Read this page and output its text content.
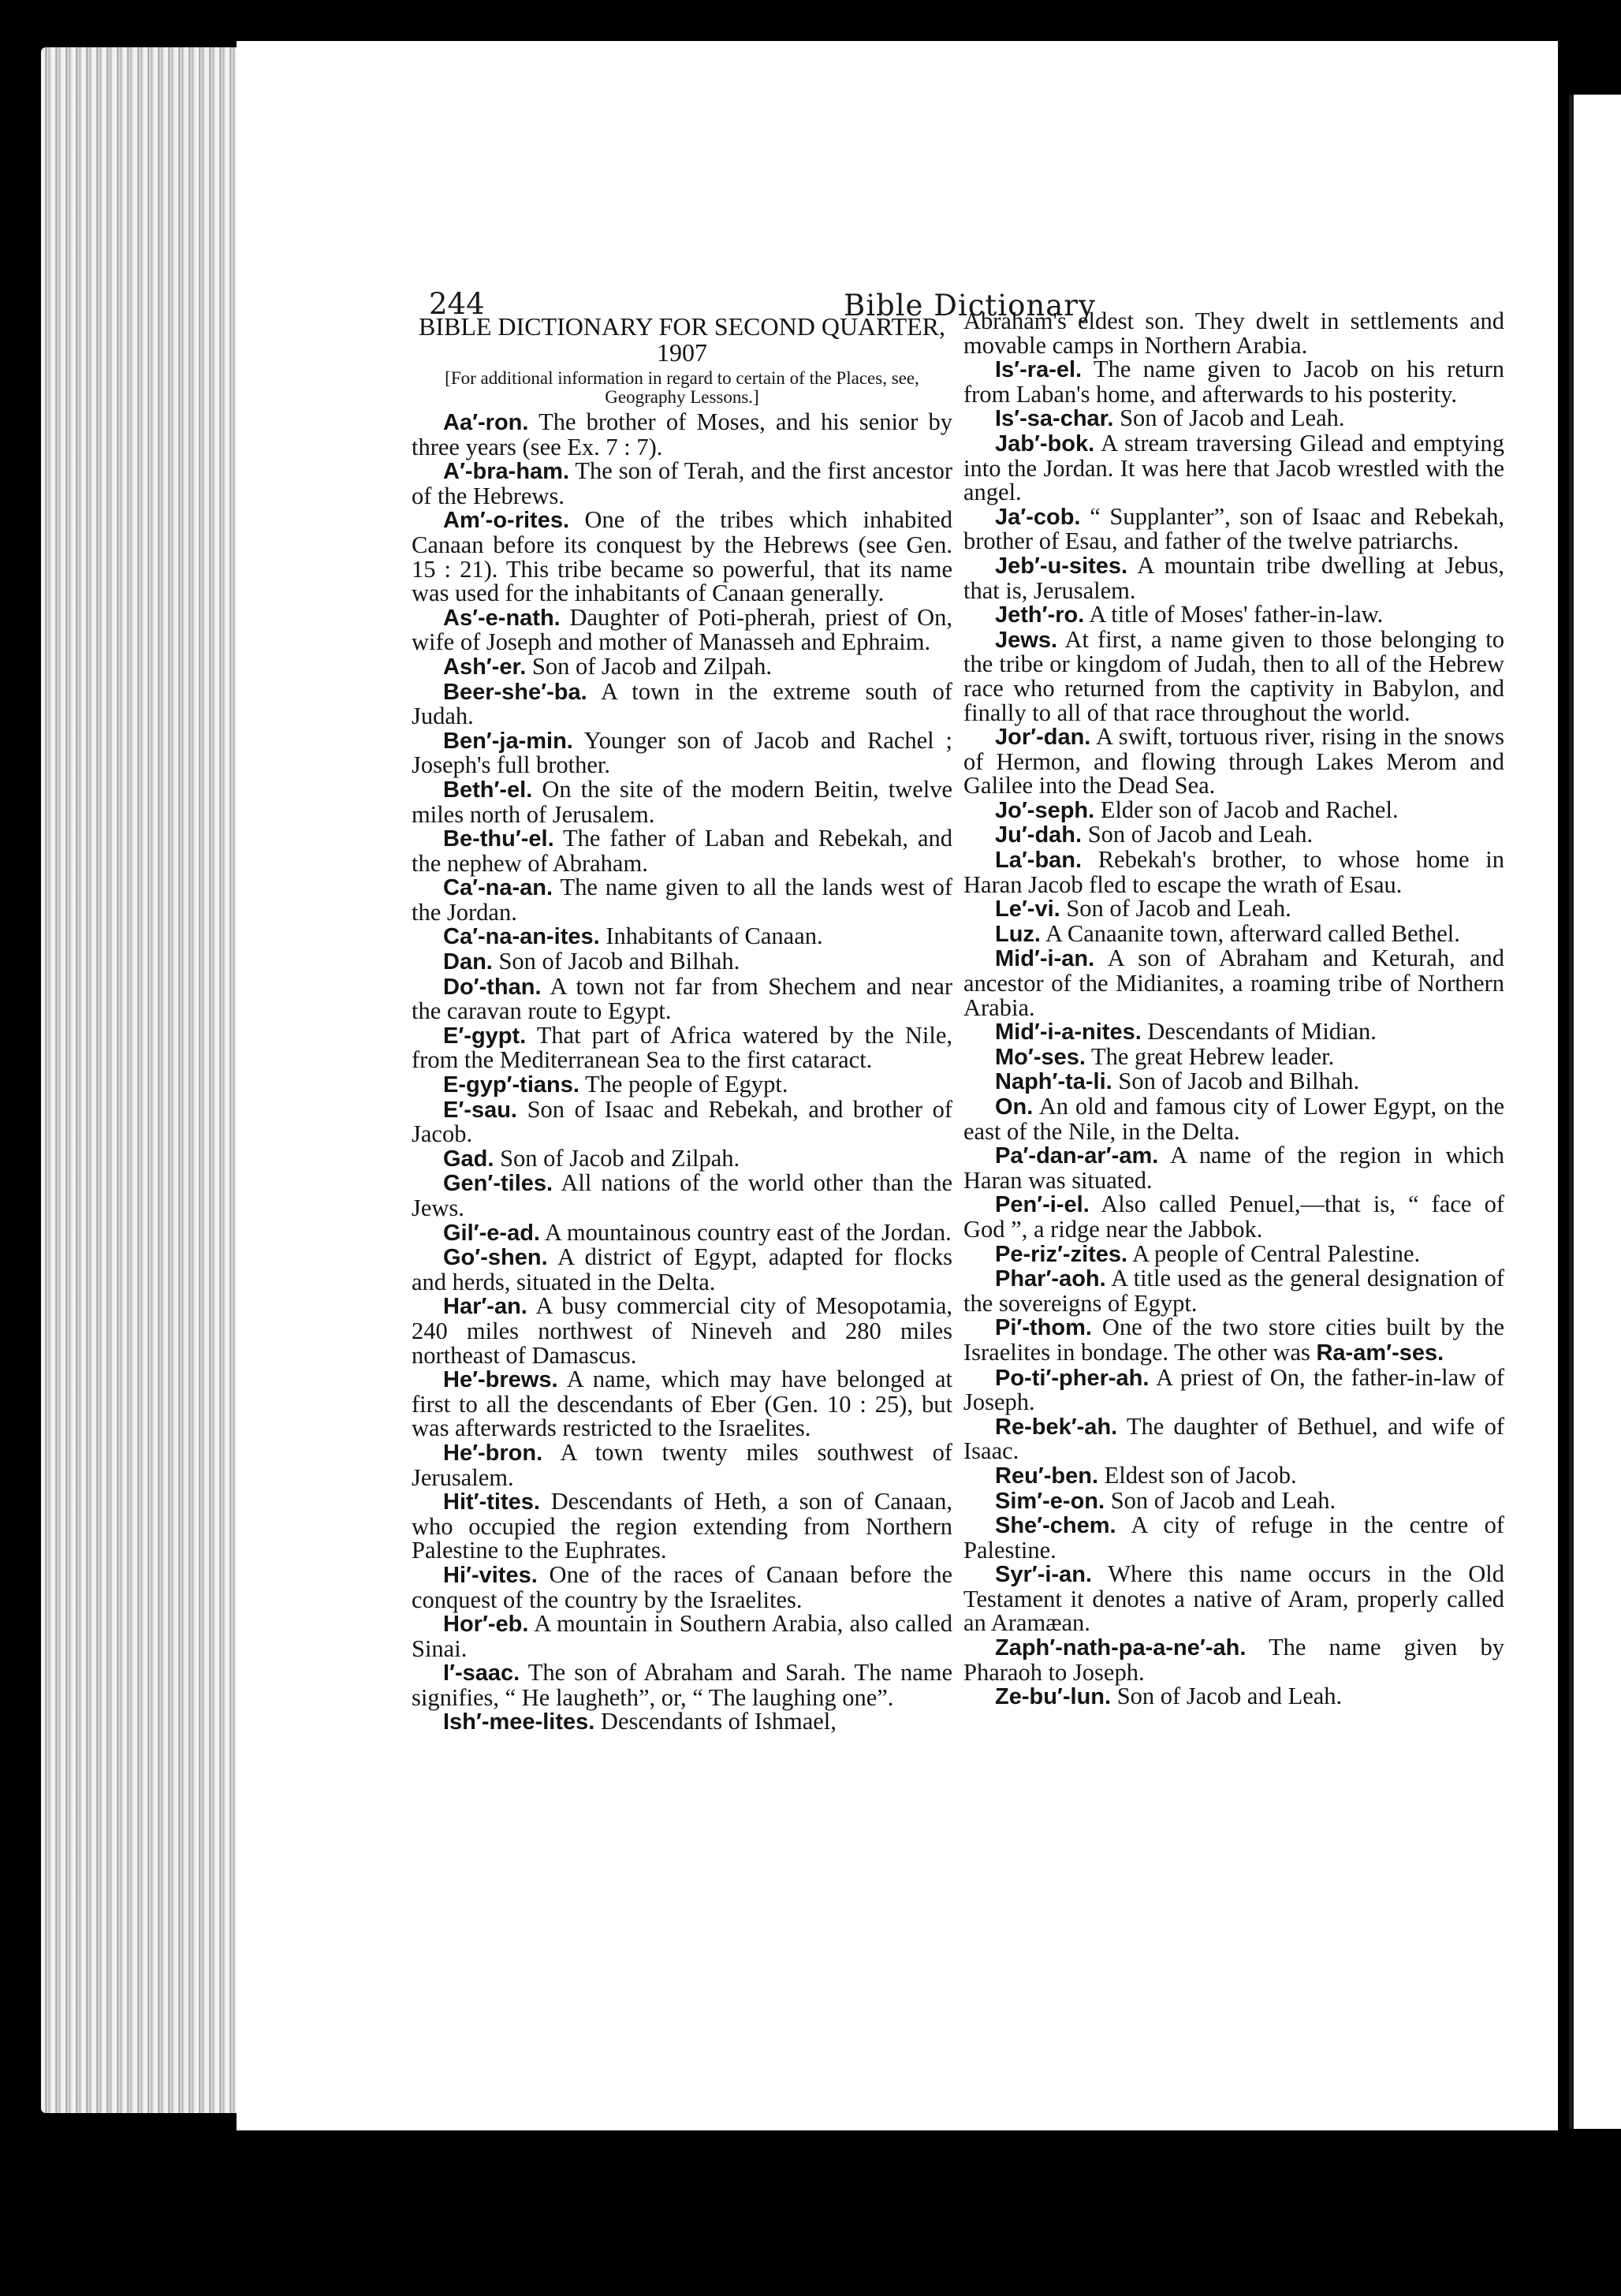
244	Bible Dictionary
BIBLE DICTIONARY FOR SECOND QUARTER, 1907
[For additional information in regard to certain of the Places, see, Geography Lessons.]

Aa′-ron. The brother of Moses, and his senior by three years (see Ex. 7 : 7).

A′-bra-ham. The son of Terah, and the first ancestor of the Hebrews.

Am′-o-rites. One of the tribes which inhabited Canaan before its conquest by the Hebrews (see Gen. 15 : 21). This tribe became so powerful, that its name was used for the inhabitants of Canaan generally.

As′-e-nath. Daughter of Poti-pherah, priest of On, wife of Joseph and mother of Manasseh and Ephraim.

Ash′-er. Son of Jacob and Zilpah.

Beer-she′-ba. A town in the extreme south of Judah.

Ben′-ja-min. Younger son of Jacob and Rachel ; Joseph's full brother.

Beth′-el. On the site of the modern Beitin, twelve miles north of Jerusalem.

Be-thu′-el. The father of Laban and Rebekah, and the nephew of Abraham.

Ca′-na-an. The name given to all the lands west of the Jordan.

Ca′-na-an-ites. Inhabitants of Canaan.

Dan. Son of Jacob and Bilhah.

Do′-than. A town not far from Shechem and near the caravan route to Egypt.

E′-gypt. That part of Africa watered by the Nile, from the Mediterranean Sea to the first cataract.

E-gyp′-tians. The people of Egypt.

E′-sau. Son of Isaac and Rebekah, and brother of Jacob.

Gad. Son of Jacob and Zilpah.

Gen′-tiles. All nations of the world other than the Jews.

Gil′-e-ad. A mountainous country east of the Jordan.

Go′-shen. A district of Egypt, adapted for flocks and herds, situated in the Delta.

Har′-an. A busy commercial city of Mesopotamia, 240 miles northwest of Nineveh and 280 miles northeast of Damascus.

He′-brews. A name, which may have belonged at first to all the descendants of Eber (Gen. 10 : 25), but was afterwards restricted to the Israelites.

He′-bron. A town twenty miles southwest of Jerusalem.

Hit′-tites. Descendants of Heth, a son of Canaan, who occupied the region extending from Northern Palestine to the Euphrates.

Hi′-vites. One of the races of Canaan before the conquest of the country by the Israelites.

Hor′-eb. A mountain in Southern Arabia, also called Sinai.

I′-saac. The son of Abraham and Sarah. The name signifies, “ He laugheth”, or, “ The laughing one”.

Ish′-mee-lites. Descendants of Ishmael,

Abraham's eldest son. They dwelt in settlements and movable camps in Northern Arabia.

Is′-ra-el. The name given to Jacob on his return from Laban's home, and afterwards to his posterity.

Is′-sa-char. Son of Jacob and Leah.

Jab′-bok. A stream traversing Gilead and emptying into the Jordan. It was here that Jacob wrestled with the angel.

Ja′-cob. “ Supplanter”, son of Isaac and Rebekah, brother of Esau, and father of the twelve patriarchs.

Jeb′-u-sites. A mountain tribe dwelling at Jebus, that is, Jerusalem.

Jeth′-ro. A title of Moses' father-in-law.

Jews. At first, a name given to those belonging to the tribe or kingdom of Judah, then to all of the Hebrew race who returned from the captivity in Babylon, and finally to all of that race throughout the world.

Jor′-dan. A swift, tortuous river, rising in the snows of Hermon, and flowing through Lakes Merom and Galilee into the Dead Sea.

Jo′-seph. Elder son of Jacob and Rachel.

Ju′-dah. Son of Jacob and Leah.

La′-ban. Rebekah's brother, to whose home in Haran Jacob fled to escape the wrath of Esau.

Le′-vi. Son of Jacob and Leah.

Luz. A Canaanite town, afterward called Bethel.

Mid′-i-an. A son of Abraham and Keturah, and ancestor of the Midianites, a roaming tribe of Northern Arabia.

Mid′-i-a-nites. Descendants of Midian.

Mo′-ses. The great Hebrew leader.

Naph′-ta-li. Son of Jacob and Bilhah.

On. An old and famous city of Lower Egypt, on the east of the Nile, in the Delta.

Pa′-dan-ar′-am. A name of the region in which Haran was situated.

Pen′-i-el. Also called Penuel,—that is, “ face of God ”, a ridge near the Jabbok.

Pe-riz′-zites. A people of Central Palestine.

Phar′-aoh. A title used as the general designation of the sovereigns of Egypt.

Pi′-thom. One of the two store cities built by the Israelites in bondage. The other was Ra-am′-ses.

Po-ti′-pher-ah. A priest of On, the father-in-law of Joseph.

Re-bek′-ah. The daughter of Bethuel, and wife of Isaac.

Reu′-ben. Eldest son of Jacob.

Sim′-e-on. Son of Jacob and Leah.

She′-chem. A city of refuge in the centre of Palestine.

Syr′-i-an. Where this name occurs in the Old Testament it denotes a native of Aram, properly called an Aramæan.

Zaph′-nath-pa-a-ne′-ah. The name given by Pharaoh to Joseph.

Ze-bu′-lun. Son of Jacob and Leah.
